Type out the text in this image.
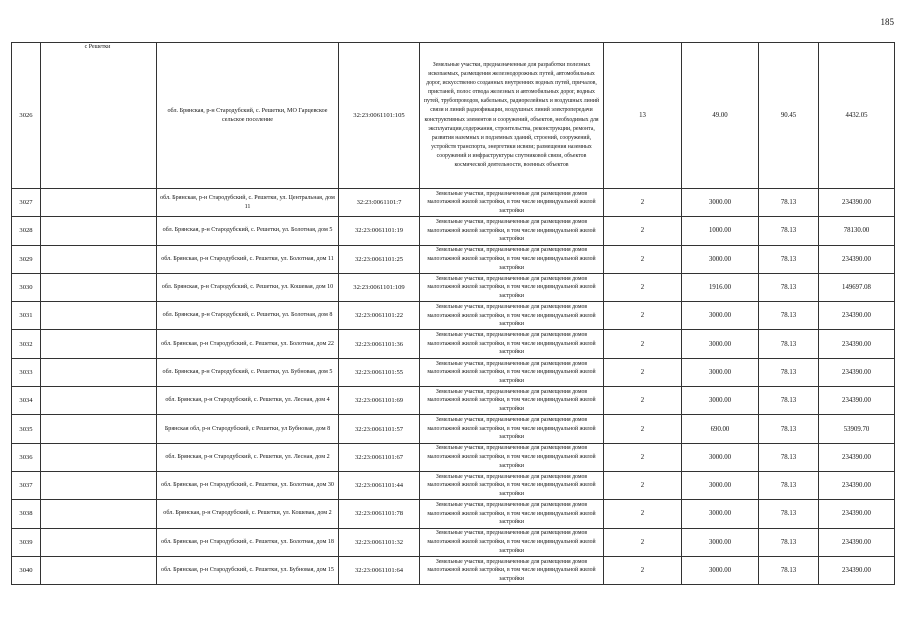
185
3026	с Решетки	обл. Брянская, р-н Стародубский, с. Решетки, МО Гарцевское сельское поселение	32:23:0061101:105	Земельные участки, предназначенные для разработки полезных ископаемых, размещения железнодорожных путей, автомобильных дорог, искусственно созданных внутренних водных путей, причалов, пристаней, полос отвода железных и автомобильных дорог, водных путей, трубопроводов, кабельных, радиорелейных и воздушных линий связи и линий радиофикации, воздушных линий электропередачи конструктивных элементов и сооружений, объектов, необходимых для эксплуатации,содержания, строительства, реконструкции, ремонта, развития наземных и подземных зданий, строений, сооружений, устройств транспорта, энергетики исвязи; размещения наземных сооружений и инфраструктуры спутниковой связи, объектов космической деятельности, военных объектов	13	49.00	90.45	4432.05
3027		обл. Брянская, р-н Стародубский, с. Решетки, ул. Центральная, дом 11	32:23:0061101:7	Земельные участки, предназначенные для размещения домов малоэтажной жилой застройки, в том числе индивидуальной жилой застройки	2	3000.00	78.13	234390.00
3028		обл. Брянская, р-н Стародубский, с. Решетки, ул. Болотная, дом 5	32:23:0061101:19	Земельные участки, предназначенные для размещения домов малоэтажной жилой застройки, в том числе индивидуальной жилой застройки	2	1000.00	78.13	78130.00
3029		обл. Брянская, р-н Стародубский, с. Решетки, ул. Болотная, дом 11	32:23:0061101:25	Земельные участки, предназначенные для размещения домов малоэтажной жилой застройки, в том числе индивидуальной жилой застройки	2	3000.00	78.13	234390.00
3030		обл. Брянская, р-н Стародубский, с. Решетки, ул. Кошевая, дом 10	32:23:0061101:109	Земельные участки, предназначенные для размещения домов малоэтажной жилой застройки, в том числе индивидуальной жилой застройки	2	1916.00	78.13	149697.08
3031		обл. Брянская, р-н Стародубский, с. Решетки, ул. Болотная, дом 8	32:23:0061101:22	Земельные участки, предназначенные для размещения домов малоэтажной жилой застройки, в том числе индивидуальной жилой застройки	2	3000.00	78.13	234390.00
3032		обл. Брянская, р-н Стародубский, с. Решетки, ул. Болотная, дом 22	32:23:0061101:36	Земельные участки, предназначенные для размещения домов малоэтажной жилой застройки, в том числе индивидуальной жилой застройки	2	3000.00	78.13	234390.00
3033		обл. Брянская, р-н Стародубский, с. Решетки, ул. Бубновая, дом 5	32:23:0061101:55	Земельные участки, предназначенные для размещения домов малоэтажной жилой застройки, в том числе индивидуальной жилой застройки	2	3000.00	78.13	234390.00
3034		обл. Брянская, р-н Стародубский, с. Решетки, ул. Лесная, дом 4	32:23:0061101:69	Земельные участки, предназначенные для размещения домов малоэтажной жилой застройки, в том числе индивидуальной жилой застройки	2	3000.00	78.13	234390.00
3035		Брянская обл, р-н Стародубский, с Решетки, ул Бубновая, дом 8	32:23:0061101:57	Земельные участки, предназначенные для размещения домов малоэтажной жилой застройки, в том числе индивидуальной жилой застройки	2	690.00	78.13	53909.70
3036		обл. Брянская, р-н Стародубский, с. Решетки, ул. Лесная, дом 2	32:23:0061101:67	Земельные участки, предназначенные для размещения домов малоэтажной жилой застройки, в том числе индивидуальной жилой застройки	2	3000.00	78.13	234390.00
3037		обл. Брянская, р-н Стародубский, с. Решетки, ул. Болотная, дом 30	32:23:0061101:44	Земельные участки, предназначенные для размещения домов малоэтажной жилой застройки, в том числе индивидуальной жилой застройки	2	3000.00	78.13	234390.00
3038		обл. Брянская, р-н Стародубский, с. Решетки, ул. Кошевая, дом 2	32:23:0061101:78	Земельные участки, предназначенные для размещения домов малоэтажной жилой застройки, в том числе индивидуальной жилой застройки	2	3000.00	78.13	234390.00
3039		обл. Брянская, р-н Стародубский, с. Решетки, ул. Болотная, дом 18	32:23:0061101:32	Земельные участки, предназначенные для размещения домов малоэтажной жилой застройки, в том числе индивидуальной жилой застройки	2	3000.00	78.13	234390.00
3040		обл. Брянская, р-н Стародубский, с. Решетки, ул. Бубновая, дом 15	32:23:0061101:64	Земельные участки, предназначенные для размещения домов малоэтажной жилой застройки, в том числе индивидуальной жилой застройки	2	3000.00	78.13	234390.00
